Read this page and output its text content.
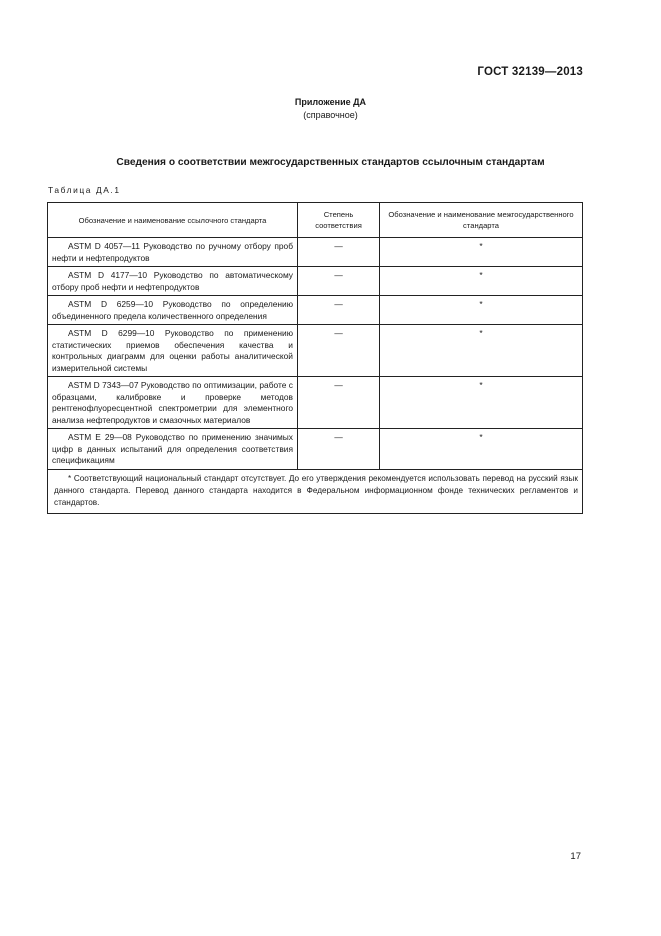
ГОСТ 32139—2013
Приложение ДА
(справочное)
Сведения о соответствии межгосударственных стандартов ссылочным стандартам
Таблица ДА.1
Обозначение и наименование ссылочного стандарта	Степень соответствия	Обозначение и наименование межгосударственного стандарта

ASTM D 4057—11 Руководство по ручному отбору проб нефти и нефтепродуктов	—	*

ASTM D 4177—10 Руководство по автоматическому отбору проб нефти и нефтепродуктов	—	*

ASTM D 6259—10 Руководство по определению объединенного предела количественного определения	—	*

ASTM D 6299—10 Руководство по применению статистических приемов обеспечения качества и контрольных диаграмм для оценки работы аналитической измерительной системы	—	*

ASTM D 7343—07 Руководство по оптимизации, работе с образцами, калибровке и проверке методов рентгенофлуоресцентной спектрометрии для элементного анализа нефтепродуктов и смазочных материалов	—	*

ASTM E 29—08 Руководство по применению значимых цифр в данных испытаний для определения соответствия спецификациям	—	*

* Соответствующий национальный стандарт отсутствует. До его утверждения рекомендуется использовать перевод на русский язык данного стандарта. Перевод данного стандарта находится в Федеральном информационном фонде технических регламентов и стандартов.		
17
